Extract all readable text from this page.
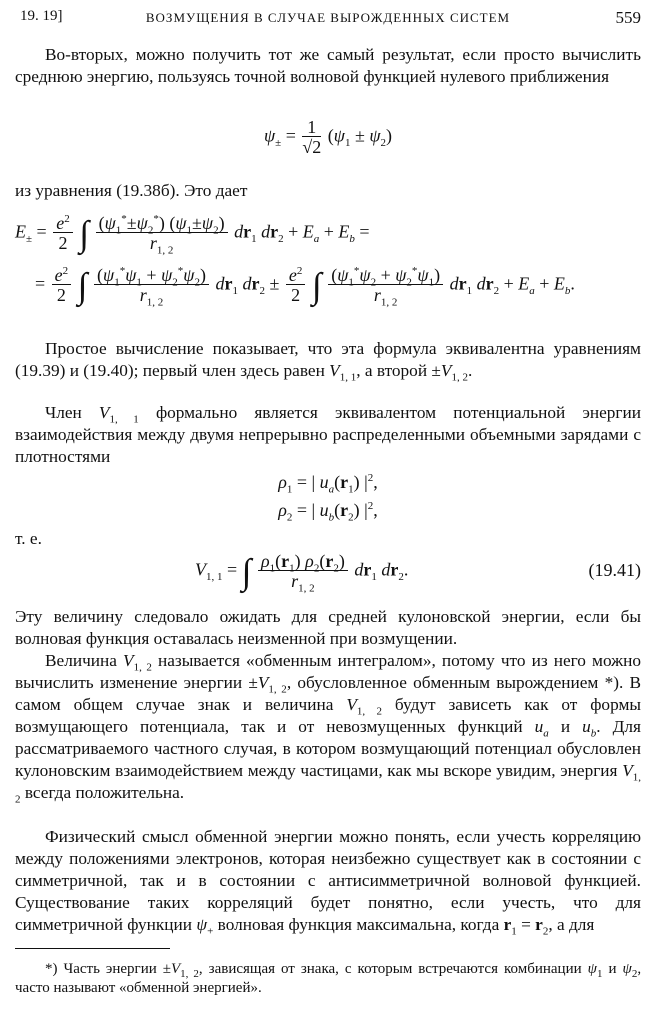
19. 19]	ВОЗМУЩЕНИЯ В СЛУЧАЕ ВЫРОЖДЕННЫХ СИСТЕМ	559

Во-вторых, можно получить тот же самый результат, если просто вычислить среднюю энергию, пользуясь точной волновой функцией нулевого приближения

$\psi_\pm = \frac{1}{√2} (\psi_1 \pm \psi_2)$

из уравнения (19.38б). Это дает

$E_\pm = \frac{e^2}{2}$ ∫ $\frac{(\psi_1^*\pm\psi_2^*) (\psi_1\pm\psi_2)}{r_{1, 2}} dr_1$ $dr_2 + E_a + E_b$ =
= $\frac{e^2}{2}$ ∫ $\frac{(\psi_1^*\psi_1 + \psi_2^*\psi_2)}{r_{1, 2}} dr_1$ $dr_2 \pm \frac{e^2}{2}$ ∫ $\frac{(\psi_1^*\psi_2 + \psi_2^*\psi_1)}{r_{1, 2}} dr_1$ $dr_2 + E_a + E_b$.

Простое вычисление показывает, что эта формула эквивалентна уравнениям (19.39) и (19.40); первый член здесь равен $V_{1, 1}$, а второй $\pm V_{1, 2}$.

Член $V_{1, 1}$ формально является эквивалентом потенциальной энергии взаимодействия между двумя непрерывно распределенными объемными зарядами с плотностями

$\rho_1$ = | $u_a(r_1)$ $|^2$,
$\rho_2$ = | $u_b(r_2)$ $|^2$,

т. е.

$V_{1, 1}$ = ∫ $\frac{\rho_1(r_1) \rho_2(r_2)}{r_{1, 2}} dr_1$ $dr_2$.	(19.41)

Эту величину следовало ожидать для средней кулоновской энергии, если бы волновая функция оставалась неизменной при возмущении.

Величина $V_{1, 2}$ называется «обменным интегралом», потому что из него можно вычислить изменение энергии $\pm V_{1, 2}$, обусловленное обменным вырождением *). В самом общем случае знак и величина $V_{1, 2}$ будут зависеть как от формы возмущающего потенциала, так и от невозмущенных функций $u_a$ и $u_b$. Для рассматриваемого частного случая, в котором возмущающий потенциал обусловлен кулоновским взаимодействием между частицами, как мы вскоре увидим, энергия $V_{1, 2}$ всегда положительна.

Физический смысл обменной энергии можно понять, если учесть корреляцию между положениями электронов, которая неизбежно существует как в состоянии с симметричной, так и в состоянии с антисимметричной волновой функцией. Существование таких корреляций будет понятно, если учесть, что для симметричной функции $\psi_+$ волновая функция максимальна, когда $r_1 = r_2$, а для

*) Часть энергии $\pm V_{1, 2}$, зависящая от знака, с которым встречаются комбинации $\psi_1$ и $\psi_2$, часто называют «обменной энергией».
